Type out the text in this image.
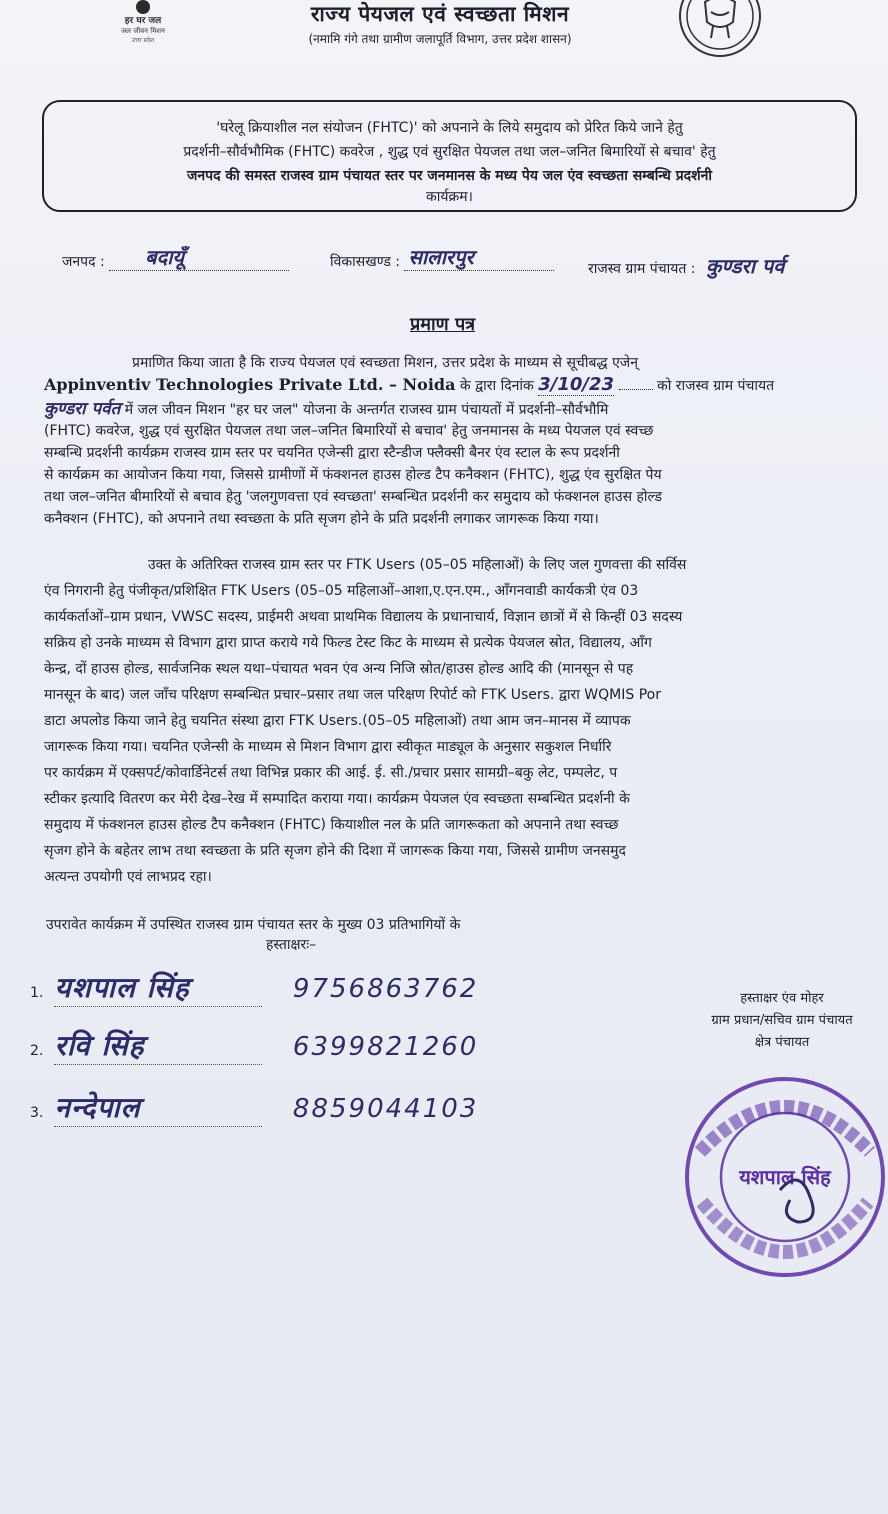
हर घर जल
जल जीवन मिशन
उत्तर प्रदेश
राज्य पेयजल एवं स्वच्छता मिशन
(नमामि गंगे तथा ग्रामीण जलापूर्ति विभाग, उत्तर प्रदेश शासन)
'घरेलू क्रियाशील नल संयोजन (FHTC)' को अपनाने के लिये समुदाय को प्रेरित किये जाने हेतु
प्रदर्शनी–सौर्वभौमिक (FHTC) कवरेज , शुद्ध एवं सुरक्षित पेयजल तथा जल–जनित बिमारियों से बचाव' हेतु
जनपद की समस्त राजस्व ग्राम पंचायत स्तर पर जनमानस के मध्य पेय जल एंव स्वच्छता सम्बन्धि प्रदर्शनी
कार्यक्रम।
जनपद : बदायूँ	विकासखण्ड : सालारपुर	राजस्व ग्राम पंचायत : कुण्डरा पर्व
प्रमाण पत्र
प्रमाणित किया जाता है कि राज्य पेयजल एवं स्वच्छता मिशन, उत्तर प्रदेश के माध्यम से सूचीबद्ध एजेन्
Appinventiv Technologies Private Ltd. – Noida के द्वारा दिनांक 3/10/23	को राजस्व ग्राम पंचायत
कुण्डरा पर्वत में जल जीवन मिशन "हर घर जल" योजना के अन्तर्गत राजस्व ग्राम पंचायतों में प्रदर्शनी–सौर्वभौमि
(FHTC) कवरेज, शुद्ध एवं सुरक्षित पेयजल तथा जल–जनित बिमारियों से बचाव' हेतु जनमानस के मध्य पेयजल एवं स्वच्छ
सम्बन्धि प्रदर्शनी कार्यक्रम राजस्व ग्राम स्तर पर चयनित एजेन्सी द्वारा स्टैन्डीज फ्लैक्सी बैनर एंव स्टाल के रूप प्रदर्शनी
से कार्यक्रम का आयोजन किया गया, जिससे ग्रामीणों में फंक्शनल हाउस होल्ड टैप कनैक्शन (FHTC), शुद्ध एंव सुरक्षित पेय
तथा जल–जनित बीमारियों से बचाव हेतु 'जलगुणवत्ता एवं स्वच्छता' सम्बन्धित प्रदर्शनी कर समुदाय को फंक्शनल हाउस होल्ड
कनैक्शन (FHTC), को अपनाने तथा स्वच्छता के प्रति सृजग होने के प्रति प्रदर्शनी लगाकर जागरूक किया गया।
उक्त के अतिरिक्त राजस्व ग्राम स्तर पर FTK Users (05–05 महिलाओं) के लिए जल गुणवत्ता की सर्विस
एंव निगरानी हेतु पंजीकृत/प्रशिक्षित FTK Users (05–05 महिलाओं–आशा,ए.एन.एम., आँगनवाडी कार्यकत्री एंव 03
कार्यकर्ताओं–ग्राम प्रधान, VWSC सदस्य, प्राईमरी अथवा प्राथमिक विद्यालय के प्रधानाचार्य, विज्ञान छात्रों में से किन्हीं 03 सदस्य
सक्रिय हो उनके माध्यम से विभाग द्वारा प्राप्त कराये गये फिल्ड टेस्ट किट के माध्यम से प्रत्येक पेयजल स्रोत, विद्यालय, आँग
केन्द्र, दों हाउस होल्ड, सार्वजनिक स्थल यथा–पंचायत भवन एंव अन्य निजि स्रोत/हाउस होल्ड आदि की (मानसून से पह
मानसून के बाद) जल जाँच परिक्षण सम्बन्धित प्रचार–प्रसार तथा जल परिक्षण रिपोर्ट को FTK Users. द्वारा WQMIS Por
डाटा अपलोड किया जाने हेतु चयनित संस्था द्वारा FTK Users.(05–05 महिलाओं) तथा आम जन–मानस में व्यापक
जागरूक किया गया। चयनित एजेन्सी के माध्यम से मिशन विभाग द्वारा स्वीकृत माड्यूल के अनुसार सकुशल निर्धारि
पर कार्यक्रम में एक्सपर्ट/कोवार्डिनेटर्स तथा विभिन्न प्रकार की आई. ई. सी./प्रचार प्रसार सामग्री–बकु लेट, पम्पलेट, प
स्टीकर इत्यादि वितरण कर मेरी देख–रेख में सम्पादित कराया गया। कार्यक्रम पेयजल एंव स्वच्छता सम्बन्धित प्रदर्शनी के
समुदाय में फंक्शनल हाउस होल्ड टैप कनैक्शन (FHTC) कियाशील नल के प्रति जागरूकता को अपनाने तथा स्वच्छ
सृजग होने के बहेतर लाभ तथा स्वच्छता के प्रति सृजग होने की दिशा में जागरूक किया गया, जिससे ग्रामीण जनसमुद
अत्यन्त उपयोगी एवं लाभप्रद रहा।
उपरावेत कार्यक्रम में उपस्थित राजस्व ग्राम पंचायत स्तर के मुख्य 03 प्रतिभागियों के
हस्ताक्षरः–
1. यशपाल सिंह	9756863762
2. रवि सिंह	6399821260
3. नन्देपाल	8859044103
हस्ताक्षर एंव मोहर
ग्राम प्रधान/सचिव ग्राम पंचायत
क्षेत्र पंचायत
यशपाल सिंह
